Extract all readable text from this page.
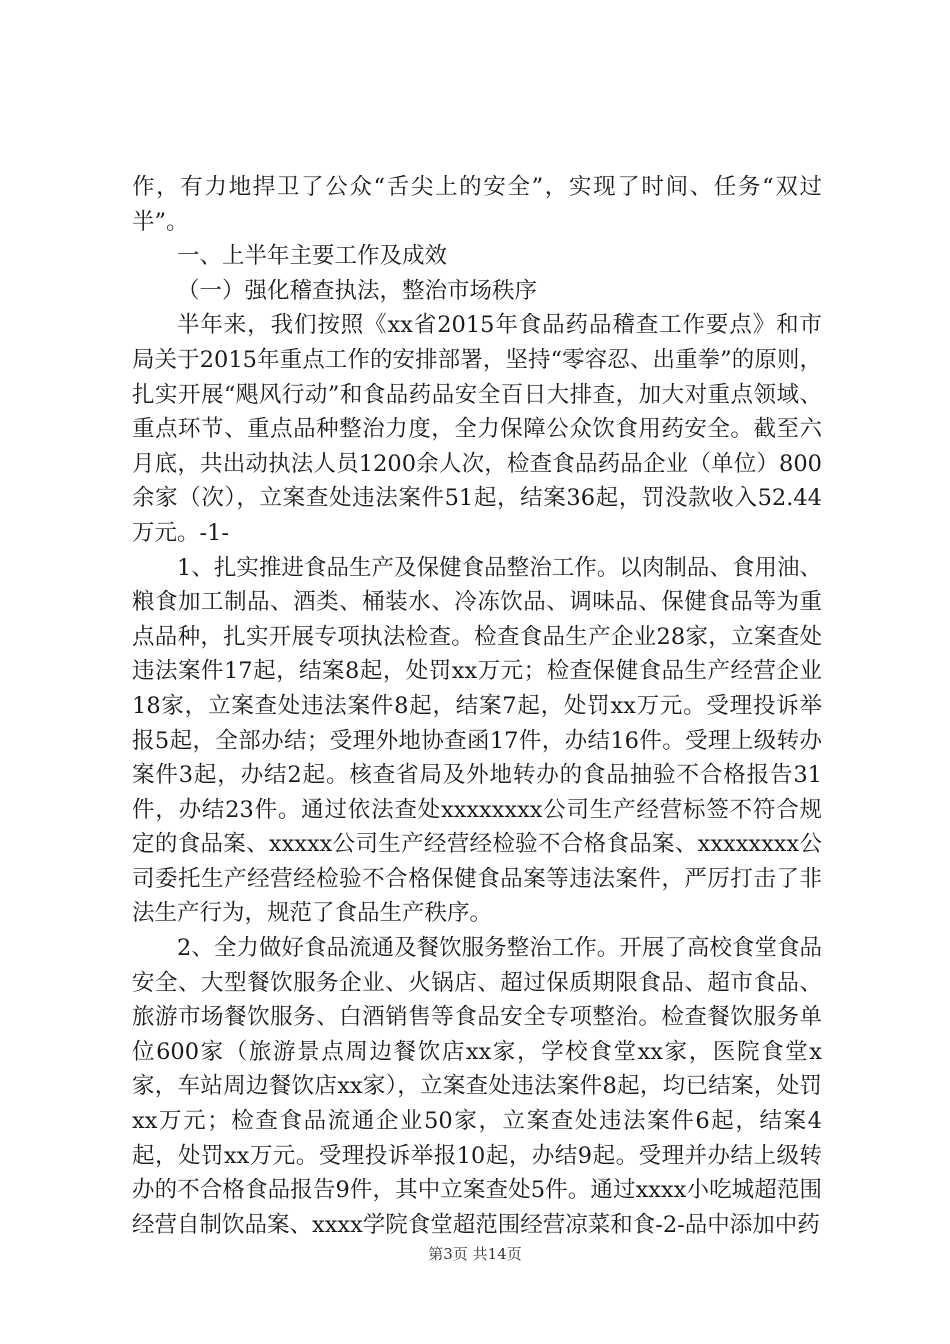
作，有力地捍卫了公众“舌尖上的安全”，实现了时间、任务“双过半”。

一、上半年主要工作及成效

（一）强化稽查执法，整治市场秩序

半年来，我们按照《xx省2015年食品药品稽查工作要点》和市局关于2015年重点工作的安排部署，坚持“零容忍、出重拳”的原则，扎实开展“飓风行动”和食品药品安全百日大排查，加大对重点领域、重点环节、重点品种整治力度，全力保障公众饮食用药安全。截至六月底，共出动执法人员1200余人次，检查食品药品企业（单位）800余家（次），立案查处违法案件51起，结案36起，罚没款收入52.44万元。-1-

1、扎实推进食品生产及保健食品整治工作。以肉制品、食用油、粮食加工制品、酒类、桶装水、冷冻饮品、调味品、保健食品等为重点品种，扎实开展专项执法检查。检查食品生产企业28家，立案查处违法案件17起，结案8起，处罚xx万元；检查保健食品生产经营企业18家，立案查处违法案件8起，结案7起，处罚xx万元。受理投诉举报5起，全部办结；受理外地协查函17件，办结16件。受理上级转办案件3起，办结2起。核查省局及外地转办的食品抽验不合格报告31件，办结23件。通过依法查处xxxxxxxx公司生产经营标签不符合规定的食品案、xxxxx公司生产经营经检验不合格食品案、xxxxxxxx公司委托生产经营经检验不合格保健食品案等违法案件，严厉打击了非法生产行为，规范了食品生产秩序。

2、全力做好食品流通及餐饮服务整治工作。开展了高校食堂食品安全、大型餐饮服务企业、火锅店、超过保质期限食品、超市食品、旅游市场餐饮服务、白酒销售等食品安全专项整治。检查餐饮服务单位600家（旅游景点周边餐饮店xx家，学校食堂xx家，医院食堂x家，车站周边餐饮店xx家），立案查处违法案件8起，均已结案，处罚xx万元；检查食品流通企业50家，立案查处违法案件6起，结案4起，处罚xx万元。受理投诉举报10起，办结9起。受理并办结上级转办的不合格食品报告9件，其中立案查处5件。通过xxxx小吃城超范围经营自制饮品案、xxxx学院食堂超范围经营凉菜和食-2-品中添加中药

第3页 共14页
